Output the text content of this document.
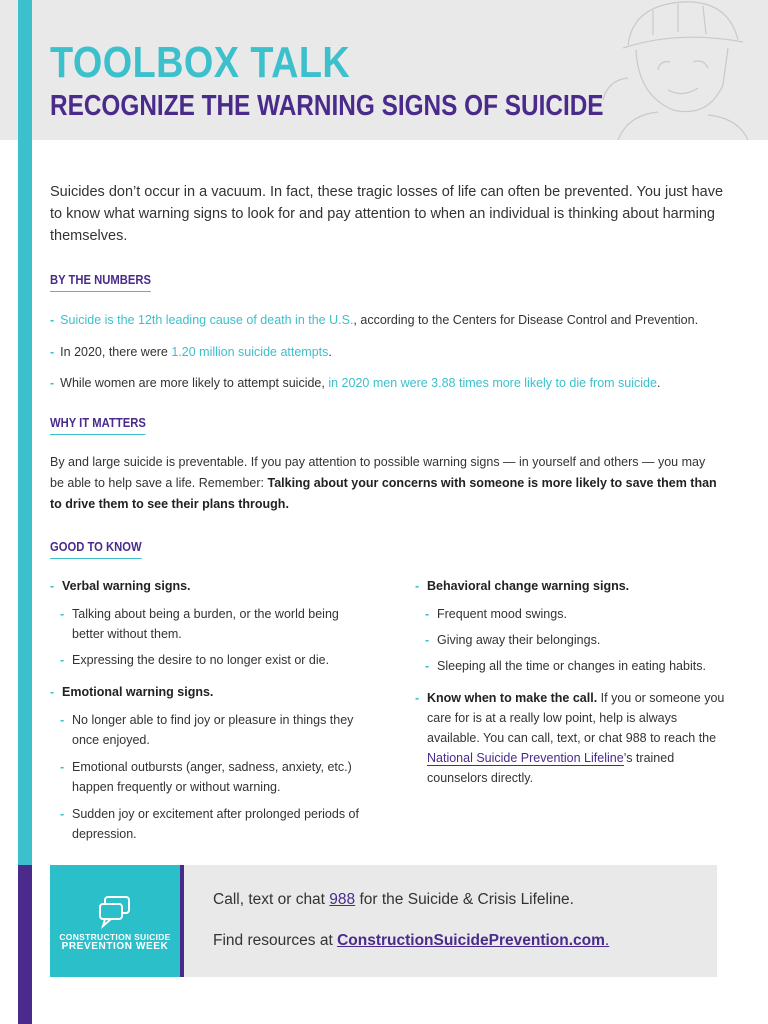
TOOLBOX TALK
RECOGNIZE THE WARNING SIGNS OF SUICIDE
Suicides don’t occur in a vacuum. In fact, these tragic losses of life can often be prevented. You just have to know what warning signs to look for and pay attention to when an individual is thinking about harming themselves.
BY THE NUMBERS
- Suicide is the 12th leading cause of death in the U.S., according to the Centers for Disease Control and Prevention.
- In 2020, there were 1.20 million suicide attempts.
- While women are more likely to attempt suicide, in 2020 men were 3.88 times more likely to die from suicide.
WHY IT MATTERS
By and large suicide is preventable. If you pay attention to possible warning signs — in yourself and others — you may be able to help save a life. Remember: Talking about your concerns with someone is more likely to save them than to drive them to see their plans through.
GOOD TO KNOW
- Verbal warning signs.
- Talking about being a burden, or the world being better without them.
- Expressing the desire to no longer exist or die.
- Emotional warning signs.
- No longer able to find joy or pleasure in things they once enjoyed.
- Emotional outbursts (anger, sadness, anxiety, etc.) happen frequently or without warning.
- Sudden joy or excitement after prolonged periods of depression.
- Behavioral change warning signs.
- Frequent mood swings.
- Giving away their belongings.
- Sleeping all the time or changes in eating habits.
- Know when to make the call. If you or someone you care for is at a really low point, help is always available. You can call, text, or chat 988 to reach the National Suicide Prevention Lifeline’s trained counselors directly.
CONSTRUCTION SUICIDE
PREVENTION WEEK
Call, text or chat 988 for the Suicide & Crisis Lifeline.
Find resources at ConstructionSuicidePrevention.com.
